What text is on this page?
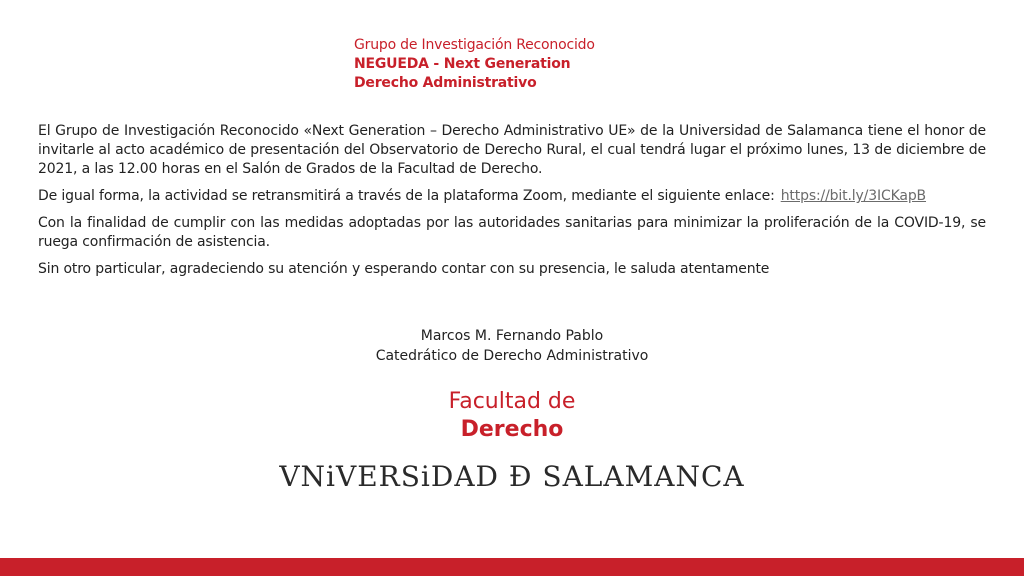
Grupo de Investigación Reconocido
NEGUEDA - Next Generation
Derecho Administrativo

El Grupo de Investigación Reconocido «Next Generation – Derecho Administrativo UE» de la Universidad de Salamanca tiene el honor de invitarle al acto académico de presentación del Observatorio de Derecho Rural, el cual tendrá lugar el próximo lunes, 13 de diciembre de 2021, a las 12.00 horas en el Salón de Grados de la Facultad de Derecho.

De igual forma, la actividad se retransmitirá a través de la plataforma Zoom, mediante el siguiente enlace: https://bit.ly/3ICKapB

Con la finalidad de cumplir con las medidas adoptadas por las autoridades sanitarias para minimizar la proliferación de la COVID-19, se ruega confirmación de asistencia.

Sin otro particular, agradeciendo su atención y esperando contar con su presencia, le saluda atentamente

Marcos M. Fernando Pablo
Catedrático de Derecho Administrativo
Facultad de
Derecho
VNiVERSiDAD Ð SALAMANCA
